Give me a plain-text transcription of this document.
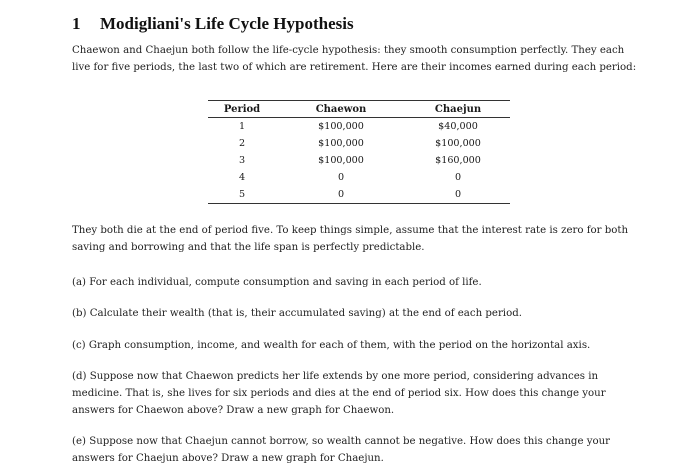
1 Modigliani's Life Cycle Hypothesis

Chaewon and Chaejun both follow the life-cycle hypothesis: they smooth consumption perfectly. They each live for five periods, the last two of which are retirement. Here are their incomes earned during each period:

Period	Chaewon	Chaejun
1	$100,000	$40,000
2	$100,000	$100,000
3	$100,000	$160,000
4	0	0
5	0	0

They both die at the end of period five. To keep things simple, assume that the interest rate is zero for both saving and borrowing and that the life span is perfectly predictable.

(a) For each individual, compute consumption and saving in each period of life.

(b) Calculate their wealth (that is, their accumulated saving) at the end of each period.

(c) Graph consumption, income, and wealth for each of them, with the period on the horizontal axis.

(d) Suppose now that Chaewon predicts her life extends by one more period, considering advances in medicine. That is, she lives for six periods and dies at the end of period six. How does this change your answers for Chaewon above? Draw a new graph for Chaewon.

(e) Suppose now that Chaejun cannot borrow, so wealth cannot be negative. How does this change your answers for Chaejun above? Draw a new graph for Chaejun.
